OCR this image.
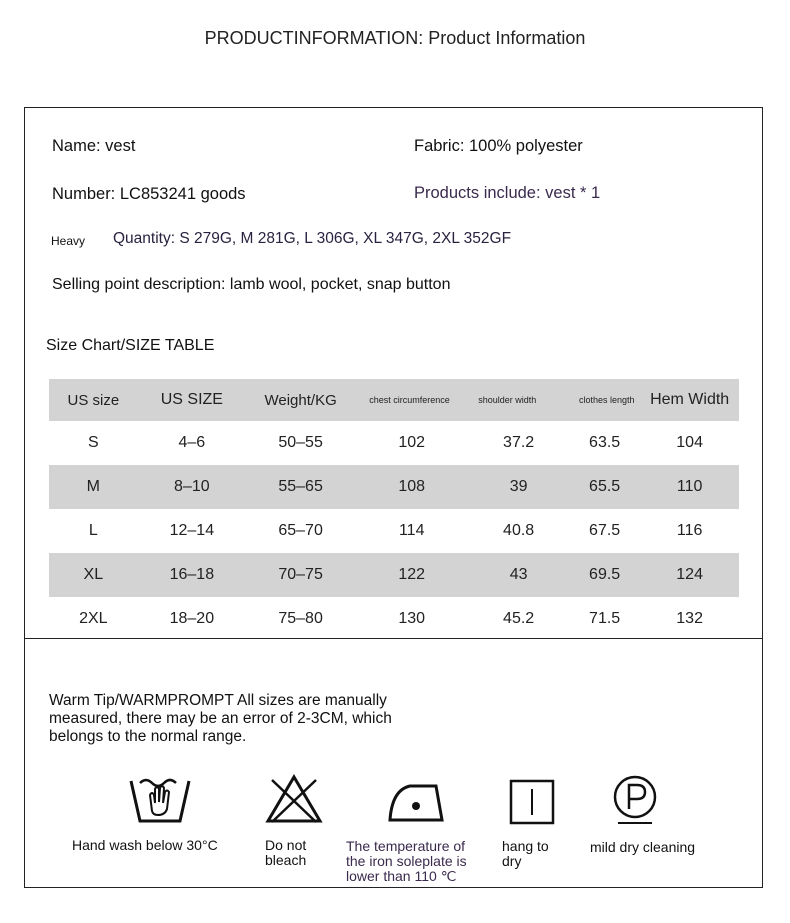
PRODUCTINFORMATION: Product Information
Name: vest	Fabric: 100% polyester
Number: LC853241 goods	Products include: vest * 1
Heavy Quantity: S 279G, M 281G, L 306G, XL 347G, 2XL 352GF
Selling point description: lamb wool, pocket, snap button
Size Chart/SIZE TABLE
US size	US SIZE	Weight/KG	chest circumference	shoulder width	clothes length	Hem Width
S	4–6	50–55	102	37.2	63.5	104
M	8–10	55–65	108	39	65.5	110
L	12–14	65–70	114	40.8	67.5	116
XL	16–18	70–75	122	43	69.5	124
2XL	18–20	75–80	130	45.2	71.5	132
Warm Tip/WARMPROMPT All sizes are manually measured, there may be an error of 2-3CM, which belongs to the normal range.
Hand wash below 30°C	Do not bleach
The temperature of the iron soleplate is lower than 110 ℃
hang to dry
mild dry cleaning
